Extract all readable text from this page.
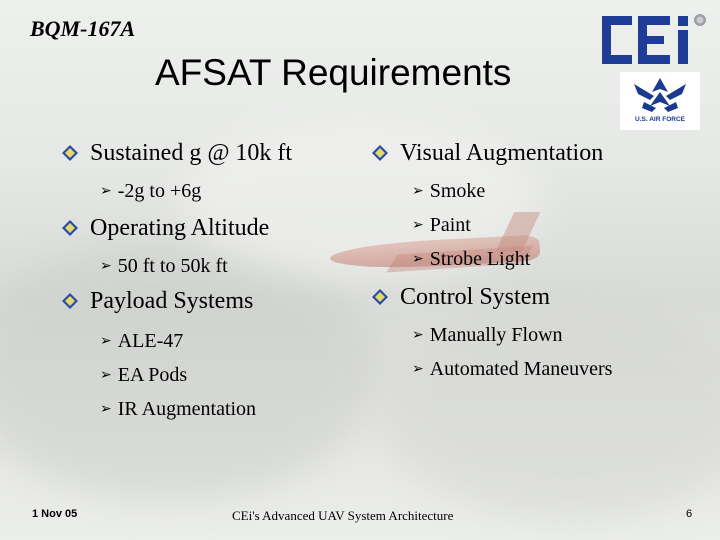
BQM-167A
AFSAT Requirements
U.S. AIR FORCE
Sustained g @ 10k ft
➢ -2g to +6g
Operating Altitude
➢ 50 ft to 50k ft
Payload Systems
➢ ALE-47
➢ EA Pods
➢ IR Augmentation
Visual Augmentation
➢ Smoke
➢ Paint
➢ Strobe Light
Control System
➢ Manually Flown
➢ Automated Maneuvers
1 Nov 05	CEi's Advanced UAV System Architecture	6
